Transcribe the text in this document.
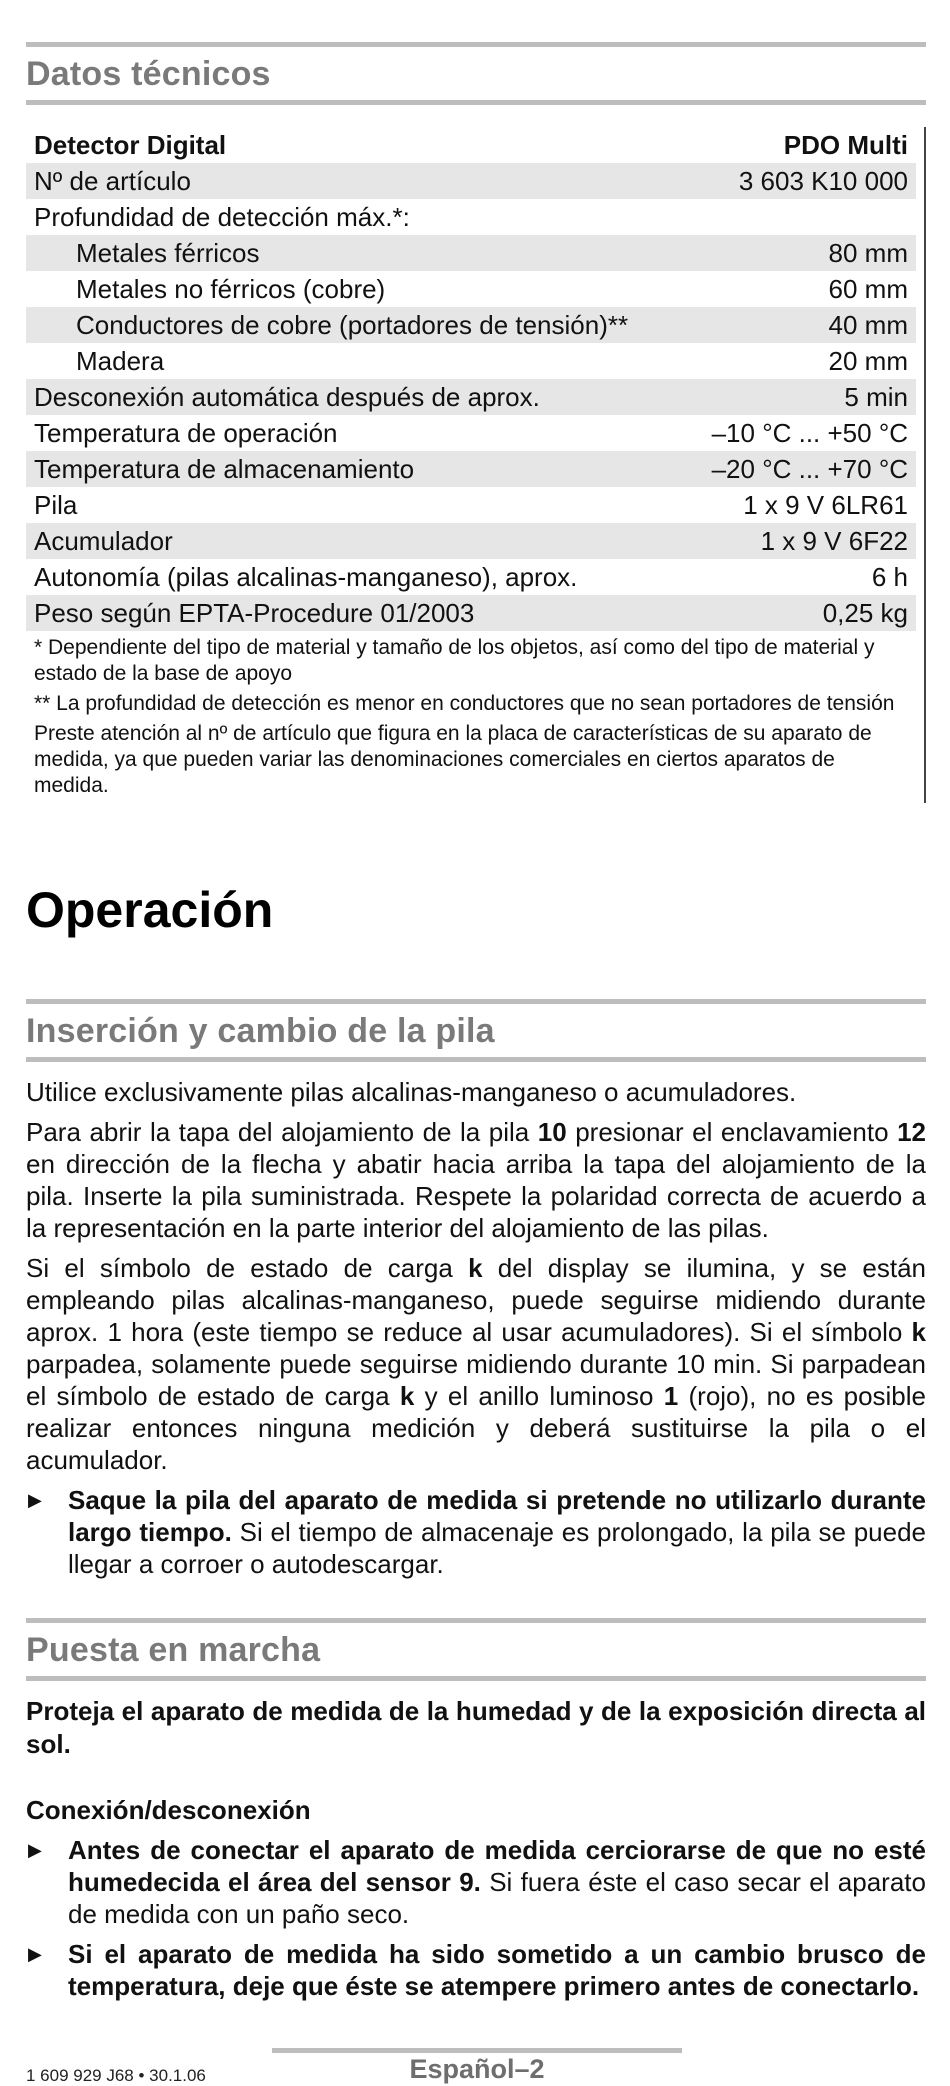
Datos técnicos
Detector Digital	PDO Multi
Nº de artículo	3 603 K10 000
Profundidad de detección máx.*:
Metales férricos	80 mm
Metales no férricos (cobre)	60 mm
Conductores de cobre (portadores de tensión)**	40 mm
Madera	20 mm
Desconexión automática después de aprox.	5 min
Temperatura de operación	–10 °C ... +50 °C
Temperatura de almacenamiento	–20 °C ... +70 °C
Pila	1 x 9 V 6LR61
Acumulador	1 x 9 V 6F22
Autonomía (pilas alcalinas-manganeso), aprox.	6 h
Peso según EPTA-Procedure 01/2003	0,25 kg
* Dependiente del tipo de material y tamaño de los objetos, así como del tipo de material y estado de la base de apoyo
** La profundidad de detección es menor en conductores que no sean portadores de tensión
Preste atención al nº de artículo que figura en la placa de características de su aparato de medida, ya que pueden variar las denominaciones comerciales en ciertos aparatos de medida.
Operación
Inserción y cambio de la pila

Utilice exclusivamente pilas alcalinas-manganeso o acumuladores.

Para abrir la tapa del alojamiento de la pila 10 presionar el enclavamiento 12 en dirección de la flecha y abatir hacia arriba la tapa del alojamiento de la pila. Inserte la pila suministrada. Respete la polaridad correcta de acuerdo a la representación en la parte interior del alojamiento de las pilas.

Si el símbolo de estado de carga k del display se ilumina, y se están empleando pilas alcalinas-manganeso, puede seguirse midiendo durante aprox. 1 hora (este tiempo se reduce al usar acumuladores). Si el símbolo k parpadea, solamente puede seguirse midiendo durante 10 min. Si parpadean el símbolo de estado de carga k y el anillo luminoso 1 (rojo), no es posible realizar entonces ninguna medición y deberá sustituirse la pila o el acumulador.

▶	Saque la pila del aparato de medida si pretende no utilizarlo durante largo tiempo. Si el tiempo de almacenaje es prolongado, la pila se puede llegar a corroer o autodescargar.
Puesta en marcha
Proteja el aparato de medida de la humedad y de la exposición directa al sol.
Conexión/desconexión
▶	Antes de conectar el aparato de medida cerciorarse de que no esté humedecida el área del sensor 9. Si fuera éste el caso secar el aparato de medida con un paño seco.
▶	Si el aparato de medida ha sido sometido a un cambio brusco de temperatura, deje que éste se atempere primero antes de conectarlo.
1 609 929 J68 • 30.1.06	Español–2
